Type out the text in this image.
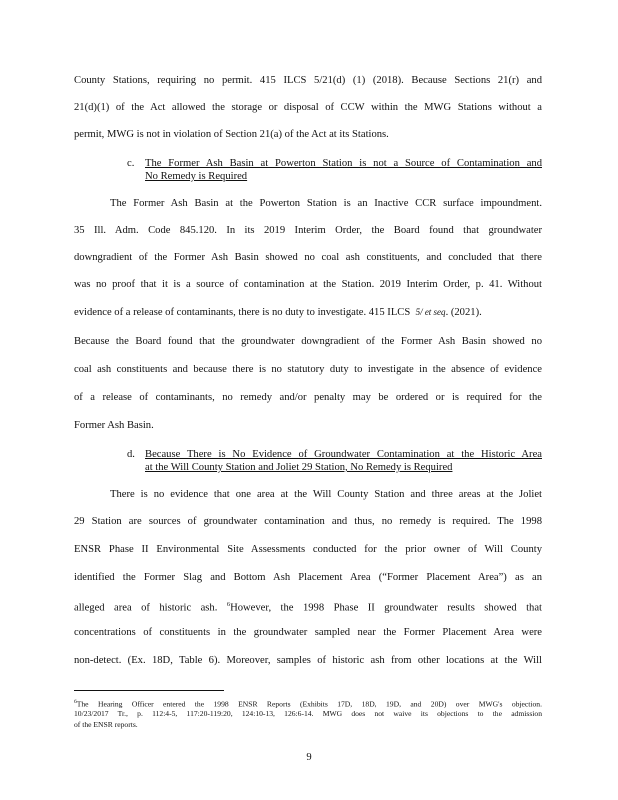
County Stations, requiring no permit. 415 ILCS 5/21(d) (1) (2018). Because Sections 21(r) and
21(d)(1) of the Act allowed the storage or disposal of CCW within the MWG Stations without a
permit, MWG is not in violation of Section 21(a) of the Act at its Stations.
c. The Former Ash Basin at Powerton Station is not a Source of Contamination and
No Remedy is Required
The Former Ash Basin at the Powerton Station is an Inactive CCR surface impoundment.
35 Ill. Adm. Code 845.120. In its 2019 Interim Order, the Board found that groundwater
downgradient of the Former Ash Basin showed no coal ash constituents, and concluded that there
was no proof that it is a source of contamination at the Station. 2019 Interim Order, p. 41. Without
evidence of a release of contaminants, there is no duty to investigate. 415 ILCS 5/ et seq. (2021).
Because the Board found that the groundwater downgradient of the Former Ash Basin showed no
coal ash constituents and because there is no statutory duty to investigate in the absence of evidence
of a release of contaminants, no remedy and/or penalty may be ordered or is required for the
Former Ash Basin.
d. Because There is No Evidence of Groundwater Contamination at the Historic Area
at the Will County Station and Joliet 29 Station, No Remedy is Required
There is no evidence that one area at the Will County Station and three areas at the Joliet
29 Station are sources of groundwater contamination and thus, no remedy is required. The 1998
ENSR Phase II Environmental Site Assessments conducted for the prior owner of Will County
identified the Former Slag and Bottom Ash Placement Area (“Former Placement Area”) as an
alleged area of historic ash. $^6$However, the 1998 Phase II groundwater results showed that
concentrations of constituents in the groundwater sampled near the Former Placement Area were
non-detect. (Ex. 18D, Table 6). Moreover, samples of historic ash from other locations at the Will
$^6$The Hearing Officer entered the 1998 ENSR Reports (Exhibits 17D, 18D, 19D, and 20D) over MWG's objection.
10/23/2017 Tr., p. 112:4-5, 117:20-119:20, 124:10-13, 126:6-14. MWG does not waive its objections to the admission
of the ENSR reports.
9
